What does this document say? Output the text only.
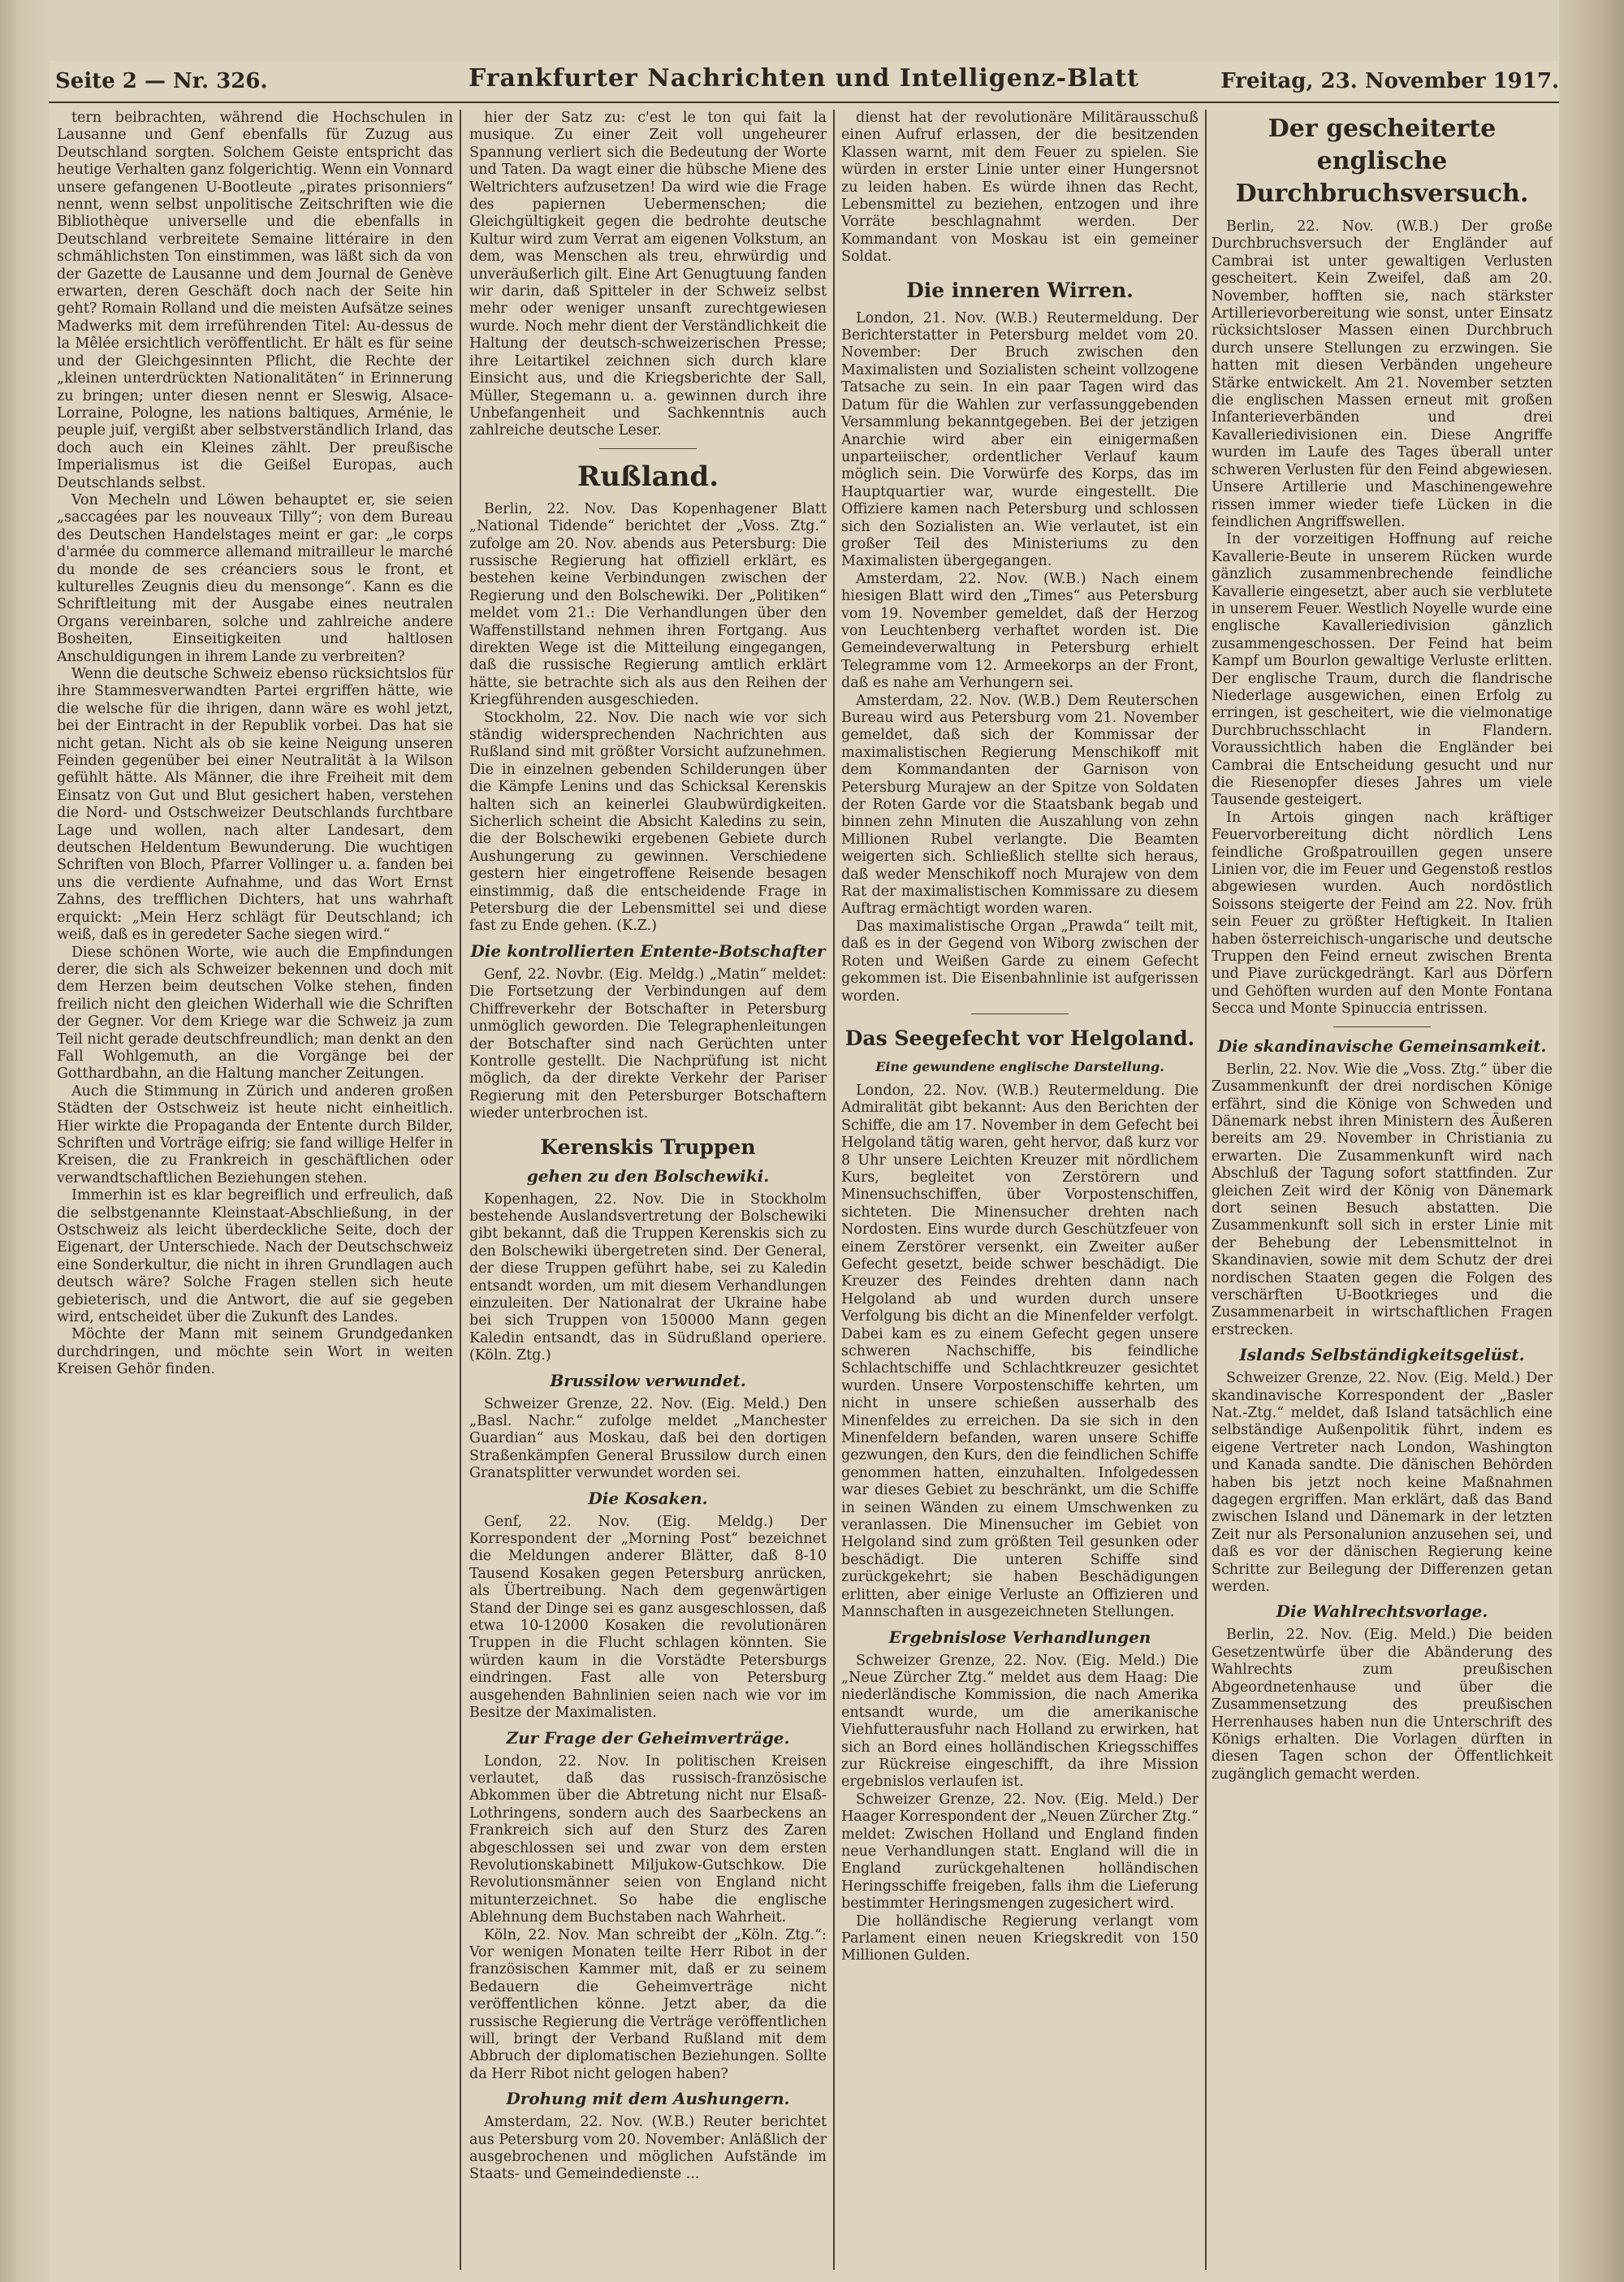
Seite 2 — Nr. 326.	Frankfurter Nachrichten und Intelligenz-Blatt	Freitag, 23. November 1917.

tern beibrachten, während die Hochschulen in Lausanne und Genf ebenfalls für Zuzug aus Deutschland sorgten. Solchem Geiste entspricht das heutige Verhalten ganz folgerichtig. Wenn ein Vonnard unsere gefangenen U-Bootleute „pirates prisonniers“ nennt, wenn selbst unpolitische Zeitschriften wie die Bibliothèque universelle und die ebenfalls in Deutschland verbreitete Semaine littéraire in den schmählichsten Ton einstimmen, was läßt sich da von der Gazette de Lausanne und dem Journal de Genève erwarten, deren Geschäft doch nach der Seite hin geht? Romain Rolland und die meisten Aufsätze seines Madwerks mit dem irreführenden Titel: Au-dessus de la Mêlée ersichtlich veröffentlicht. Er hält es für seine und der Gleichgesinnten Pflicht, die Rechte der „kleinen unterdrückten Nationalitäten“ in Erinnerung zu bringen; unter diesen nennt er Sleswig, Alsace-Lorraine, Pologne, les nations baltiques, Arménie, le peuple juif, vergißt aber selbstverständlich Irland, das doch auch ein Kleines zählt. Der preußische Imperialismus ist die Geißel Europas, auch Deutschlands selbst.

Von Mecheln und Löwen behauptet er, sie seien „saccagées par les nouveaux Tilly“; von dem Bureau des Deutschen Handelstages meint er gar: „le corps d'armée du commerce allemand mitrailleur le marché du monde de ses créanciers sous le front, et kulturelles Zeugnis dieu du mensonge“. Kann es die Schriftleitung mit der Ausgabe eines neutralen Organs vereinbaren, solche und zahlreiche andere Bosheiten, Einseitigkeiten und haltlosen Anschuldigungen in ihrem Lande zu verbreiten?

Wenn die deutsche Schweiz ebenso rücksichtslos für ihre Stammesverwandten Partei ergriffen hätte, wie die welsche für die ihrigen, dann wäre es wohl jetzt, bei der Eintracht in der Republik vorbei. Das hat sie nicht getan. Nicht als ob sie keine Neigung unseren Feinden gegenüber bei einer Neutralität à la Wilson gefühlt hätte. Als Männer, die ihre Freiheit mit dem Einsatz von Gut und Blut gesichert haben, verstehen die Nord- und Ostschweizer Deutschlands furchtbare Lage und wollen, nach alter Landesart, dem deutschen Heldentum Bewunderung. Die wuchtigen Schriften von Bloch, Pfarrer Vollinger u. a. fanden bei uns die verdiente Aufnahme, und das Wort Ernst Zahns, des trefflichen Dichters, hat uns wahrhaft erquickt: „Mein Herz schlägt für Deutschland; ich weiß, daß es in geredeter Sache siegen wird.“

Diese schönen Worte, wie auch die Empfindungen derer, die sich als Schweizer bekennen und doch mit dem Herzen beim deutschen Volke stehen, finden freilich nicht den gleichen Widerhall wie die Schriften der Gegner. Vor dem Kriege war die Schweiz ja zum Teil nicht gerade deutschfreundlich; man denkt an den Fall Wohlgemuth, an die Vorgänge bei der Gotthardbahn, an die Haltung mancher Zeitungen.

Auch die Stimmung in Zürich und anderen großen Städten der Ostschweiz ist heute nicht einheitlich. Hier wirkte die Propaganda der Entente durch Bilder, Schriften und Vorträge eifrig; sie fand willige Helfer in Kreisen, die zu Frankreich in geschäftlichen oder verwandtschaftlichen Beziehungen stehen.

Immerhin ist es klar begreiflich und erfreulich, daß die selbstgenannte Kleinstaat-Abschließung, in der Ostschweiz als leicht überdeckliche Seite, doch der Eigenart, der Unterschiede. Nach der Deutschschweiz eine Sonderkultur, die nicht in ihren Grundlagen auch deutsch wäre? Solche Fragen stellen sich heute gebieterisch, und die Antwort, die auf sie gegeben wird, entscheidet über die Zukunft des Landes.

Möchte der Mann mit seinem Grundgedanken durchdringen, und möchte sein Wort in weiten Kreisen Gehör finden.

hier der Satz zu: c'est le ton qui fait la musique. Zu einer Zeit voll ungeheurer Spannung verliert sich die Bedeutung der Worte und Taten. Da wagt einer die hübsche Miene des Weltrichters aufzusetzen! Da wird wie die Frage des papiernen Uebermenschen; die Gleichgültigkeit gegen die bedrohte deutsche Kultur wird zum Verrat am eigenen Volkstum, an dem, was Menschen als treu, ehrwürdig und unveräußerlich gilt. Eine Art Genugtuung fanden wir darin, daß Spitteler in der Schweiz selbst mehr oder weniger unsanft zurechtgewiesen wurde. Noch mehr dient der Verständlichkeit die Haltung der deutsch-schweizerischen Presse; ihre Leitartikel zeichnen sich durch klare Einsicht aus, und die Kriegsberichte der Sall, Müller, Stegemann u. a. gewinnen durch ihre Unbefangenheit und Sachkenntnis auch zahlreiche deutsche Leser.

Rußland.

Berlin, 22. Nov. Das Kopenhagener Blatt „National Tidende“ berichtet der „Voss. Ztg.“ zufolge am 20. Nov. abends aus Petersburg: Die russische Regierung hat offiziell erklärt, es bestehen keine Verbindungen zwischen der Regierung und den Bolschewiki. Der „Politiken“ meldet vom 21.: Die Verhandlungen über den Waffenstillstand nehmen ihren Fortgang. Aus direkten Wege ist die Mitteilung eingegangen, daß die russische Regierung amtlich erklärt hätte, sie betrachte sich als aus den Reihen der Kriegführenden ausgeschieden.

Stockholm, 22. Nov. Die nach wie vor sich ständig widersprechenden Nachrichten aus Rußland sind mit größter Vorsicht aufzunehmen. Die in einzelnen gebenden Schilderungen über die Kämpfe Lenins und das Schicksal Kerenskis halten sich an keinerlei Glaubwürdigkeiten. Sicherlich scheint die Absicht Kaledins zu sein, die der Bolschewiki ergebenen Gebiete durch Aushungerung zu gewinnen. Verschiedene gestern hier eingetroffene Reisende besagen einstimmig, daß die entscheidende Frage in Petersburg die der Lebensmittel sei und diese fast zu Ende gehen. (K.Z.)

Die kontrollierten Entente-Botschafter

Genf, 22. Novbr. (Eig. Meldg.) „Matin“ meldet: Die Fortsetzung der Verbindungen auf dem Chiffreverkehr der Botschafter in Petersburg unmöglich geworden. Die Telegraphenleitungen der Botschafter sind nach Gerüchten unter Kontrolle gestellt. Die Nachprüfung ist nicht möglich, da der direkte Verkehr der Pariser Regierung mit den Petersburger Botschaftern wieder unterbrochen ist.

Kerenskis Truppen
gehen zu den Bolschewiki.

Kopenhagen, 22. Nov. Die in Stockholm bestehende Auslandsvertretung der Bolschewiki gibt bekannt, daß die Truppen Kerenskis sich zu den Bolschewiki übergetreten sind. Der General, der diese Truppen geführt habe, sei zu Kaledin entsandt worden, um mit diesem Verhandlungen einzuleiten. Der Nationalrat der Ukraine habe bei sich Truppen von 150000 Mann gegen Kaledin entsandt, das in Südrußland operiere. (Köln. Ztg.)

Brussilow verwundet.

Schweizer Grenze, 22. Nov. (Eig. Meld.) Den „Basl. Nachr.“ zufolge meldet „Manchester Guardian“ aus Moskau, daß bei den dortigen Straßenkämpfen General Brussilow durch einen Granatsplitter verwundet worden sei.

Die Kosaken.

Genf, 22. Nov. (Eig. Meldg.) Der Korrespondent der „Morning Post“ bezeichnet die Meldungen anderer Blätter, daß 8-10 Tausend Kosaken gegen Petersburg anrücken, als Übertreibung. Nach dem gegenwärtigen Stand der Dinge sei es ganz ausgeschlossen, daß etwa 10-12000 Kosaken die revolutionären Truppen in die Flucht schlagen könnten. Sie würden kaum in die Vorstädte Petersburgs eindringen. Fast alle von Petersburg ausgehenden Bahnlinien seien nach wie vor im Besitze der Maximalisten.

Zur Frage der Geheimverträge.

London, 22. Nov. In politischen Kreisen verlautet, daß das russisch-französische Abkommen über die Abtretung nicht nur Elsaß-Lothringens, sondern auch des Saarbeckens an Frankreich sich auf den Sturz des Zaren abgeschlossen sei und zwar von dem ersten Revolutionskabinett Miljukow-Gutschkow. Die Revolutionsmänner seien von England nicht mitunterzeichnet. So habe die englische Ablehnung dem Buchstaben nach Wahrheit.

Köln, 22. Nov. Man schreibt der „Köln. Ztg.“: Vor wenigen Monaten teilte Herr Ribot in der französischen Kammer mit, daß er zu seinem Bedauern die Geheimverträge nicht veröffentlichen könne. Jetzt aber, da die russische Regierung die Verträge veröffentlichen will, bringt der Verband Rußland mit dem Abbruch der diplomatischen Beziehungen. Sollte da Herr Ribot nicht gelogen haben?

Drohung mit dem Aushungern.

Amsterdam, 22. Nov. (W.B.) Reuter berichtet aus Petersburg vom 20. November: Anläßlich der ausgebrochenen und möglichen Aufstände im Staats- und Gemeindedienste ...

dienst hat der revolutionäre Militärausschuß einen Aufruf erlassen, der die besitzenden Klassen warnt, mit dem Feuer zu spielen. Sie würden in erster Linie unter einer Hungersnot zu leiden haben. Es würde ihnen das Recht, Lebensmittel zu beziehen, entzogen und ihre Vorräte beschlagnahmt werden. Der Kommandant von Moskau ist ein gemeiner Soldat.

Die inneren Wirren.

London, 21. Nov. (W.B.) Reutermeldung. Der Berichterstatter in Petersburg meldet vom 20. November: Der Bruch zwischen den Maximalisten und Sozialisten scheint vollzogene Tatsache zu sein. In ein paar Tagen wird das Datum für die Wahlen zur verfassunggebenden Versammlung bekanntgegeben. Bei der jetzigen Anarchie wird aber ein einigermaßen unparteiischer, ordentlicher Verlauf kaum möglich sein. Die Vorwürfe des Korps, das im Hauptquartier war, wurde eingestellt. Die Offiziere kamen nach Petersburg und schlossen sich den Sozialisten an. Wie verlautet, ist ein großer Teil des Ministeriums zu den Maximalisten übergegangen.

Amsterdam, 22. Nov. (W.B.) Nach einem hiesigen Blatt wird den „Times“ aus Petersburg vom 19. November gemeldet, daß der Herzog von Leuchtenberg verhaftet worden ist. Die Gemeindeverwaltung in Petersburg erhielt Telegramme vom 12. Armeekorps an der Front, daß es nahe am Verhungern sei.

Amsterdam, 22. Nov. (W.B.) Dem Reuterschen Bureau wird aus Petersburg vom 21. November gemeldet, daß sich der Kommissar der maximalistischen Regierung Menschikoff mit dem Kommandanten der Garnison von Petersburg Murajew an der Spitze von Soldaten der Roten Garde vor die Staatsbank begab und binnen zehn Minuten die Auszahlung von zehn Millionen Rubel verlangte. Die Beamten weigerten sich. Schließlich stellte sich heraus, daß weder Menschikoff noch Murajew von dem Rat der maximalistischen Kommissare zu diesem Auftrag ermächtigt worden waren.

Das maximalistische Organ „Prawda“ teilt mit, daß es in der Gegend von Wiborg zwischen der Roten und Weißen Garde zu einem Gefecht gekommen ist. Die Eisenbahnlinie ist aufgerissen worden.

Das Seegefecht vor Helgoland.
Eine gewundene englische Darstellung.

London, 22. Nov. (W.B.) Reutermeldung. Die Admiralität gibt bekannt: Aus den Berichten der Schiffe, die am 17. November in dem Gefecht bei Helgoland tätig waren, geht hervor, daß kurz vor 8 Uhr unsere Leichten Kreuzer mit nördlichem Kurs, begleitet von Zerstörern und Minensuchschiffen, über Vorpostenschiffen, sichteten. Die Minensucher drehten nach Nordosten. Eins wurde durch Geschützfeuer von einem Zerstörer versenkt, ein Zweiter außer Gefecht gesetzt, beide schwer beschädigt. Die Kreuzer des Feindes drehten dann nach Helgoland ab und wurden durch unsere Verfolgung bis dicht an die Minenfelder verfolgt. Dabei kam es zu einem Gefecht gegen unsere schweren Nachschiffe, bis feindliche Schlachtschiffe und Schlachtkreuzer gesichtet wurden. Unsere Vorpostenschiffe kehrten, um nicht in unsere schießen ausserhalb des Minenfeldes zu erreichen. Da sie sich in den Minenfeldern befanden, waren unsere Schiffe gezwungen, den Kurs, den die feindlichen Schiffe genommen hatten, einzuhalten. Infolgedessen war dieses Gebiet zu beschränkt, um die Schiffe in seinen Wänden zu einem Umschwenken zu veranlassen. Die Minensucher im Gebiet von Helgoland sind zum größten Teil gesunken oder beschädigt. Die unteren Schiffe sind zurückgekehrt; sie haben Beschädigungen erlitten, aber einige Verluste an Offizieren und Mannschaften in ausgezeichneten Stellungen.

Ergebnislose Verhandlungen

Schweizer Grenze, 22. Nov. (Eig. Meld.) Die „Neue Zürcher Ztg.“ meldet aus dem Haag: Die niederländische Kommission, die nach Amerika entsandt wurde, um die amerikanische Viehfutterausfuhr nach Holland zu erwirken, hat sich an Bord eines holländischen Kriegsschiffes zur Rückreise eingeschifft, da ihre Mission ergebnislos verlaufen ist.

Schweizer Grenze, 22. Nov. (Eig. Meld.) Der Haager Korrespondent der „Neuen Zürcher Ztg.“ meldet: Zwischen Holland und England finden neue Verhandlungen statt. England will die in England zurückgehaltenen holländischen Heringsschiffe freigeben, falls ihm die Lieferung bestimmter Heringsmengen zugesichert wird.

Die holländische Regierung verlangt vom Parlament einen neuen Kriegskredit von 150 Millionen Gulden.

Der gescheiterte englische Durchbruchsversuch.

Berlin, 22. Nov. (W.B.) Der große Durchbruchsversuch der Engländer auf Cambrai ist unter gewaltigen Verlusten gescheitert. Kein Zweifel, daß am 20. November, hofften sie, nach stärkster Artillerievorbereitung wie sonst, unter Einsatz rücksichtsloser Massen einen Durchbruch durch unsere Stellungen zu erzwingen. Sie hatten mit diesen Verbänden ungeheure Stärke entwickelt. Am 21. November setzten die englischen Massen erneut mit großen Infanterieverbänden und drei Kavalleriedivisionen ein. Diese Angriffe wurden im Laufe des Tages überall unter schweren Verlusten für den Feind abgewiesen. Unsere Artillerie und Maschinengewehre rissen immer wieder tiefe Lücken in die feindlichen Angriffswellen.

In der vorzeitigen Hoffnung auf reiche Kavallerie-Beute in unserem Rücken wurde gänzlich zusammenbrechende feindliche Kavallerie eingesetzt, aber auch sie verblutete in unserem Feuer. Westlich Noyelle wurde eine englische Kavalleriedivision gänzlich zusammengeschossen. Der Feind hat beim Kampf um Bourlon gewaltige Verluste erlitten. Der englische Traum, durch die flandrische Niederlage ausgewichen, einen Erfolg zu erringen, ist gescheitert, wie die vielmonatige Durchbruchsschlacht in Flandern. Voraussichtlich haben die Engländer bei Cambrai die Entscheidung gesucht und nur die Riesenopfer dieses Jahres um viele Tausende gesteigert.

In Artois gingen nach kräftiger Feuervorbereitung dicht nördlich Lens feindliche Großpatrouillen gegen unsere Linien vor, die im Feuer und Gegenstoß restlos abgewiesen wurden. Auch nordöstlich Soissons steigerte der Feind am 22. Nov. früh sein Feuer zu größter Heftigkeit. In Italien haben österreichisch-ungarische und deutsche Truppen den Feind erneut zwischen Brenta und Piave zurückgedrängt. Karl aus Dörfern und Gehöften wurden auf den Monte Fontana Secca und Monte Spinuccia entrissen.

Die skandinavische Gemeinsamkeit.

Berlin, 22. Nov. Wie die „Voss. Ztg.“ über die Zusammenkunft der drei nordischen Könige erfährt, sind die Könige von Schweden und Dänemark nebst ihren Ministern des Äußeren bereits am 29. November in Christiania zu erwarten. Die Zusammenkunft wird nach Abschluß der Tagung sofort stattfinden. Zur gleichen Zeit wird der König von Dänemark dort seinen Besuch abstatten. Die Zusammenkunft soll sich in erster Linie mit der Behebung der Lebensmittelnot in Skandinavien, sowie mit dem Schutz der drei nordischen Staaten gegen die Folgen des verschärften U-Bootkrieges und die Zusammenarbeit in wirtschaftlichen Fragen erstrecken.

Islands Selbständigkeitsgelüst.

Schweizer Grenze, 22. Nov. (Eig. Meld.) Der skandinavische Korrespondent der „Basler Nat.-Ztg.“ meldet, daß Island tatsächlich eine selbständige Außenpolitik führt, indem es eigene Vertreter nach London, Washington und Kanada sandte. Die dänischen Behörden haben bis jetzt noch keine Maßnahmen dagegen ergriffen. Man erklärt, daß das Band zwischen Island und Dänemark in der letzten Zeit nur als Personalunion anzusehen sei, und daß es vor der dänischen Regierung keine Schritte zur Beilegung der Differenzen getan werden.

Die Wahlrechtsvorlage.

Berlin, 22. Nov. (Eig. Meld.) Die beiden Gesetzentwürfe über die Abänderung des Wahlrechts zum preußischen Abgeordnetenhause und über die Zusammensetzung des preußischen Herrenhauses haben nun die Unterschrift des Königs erhalten. Die Vorlagen dürften in diesen Tagen schon der Öffentlichkeit zugänglich gemacht werden.
